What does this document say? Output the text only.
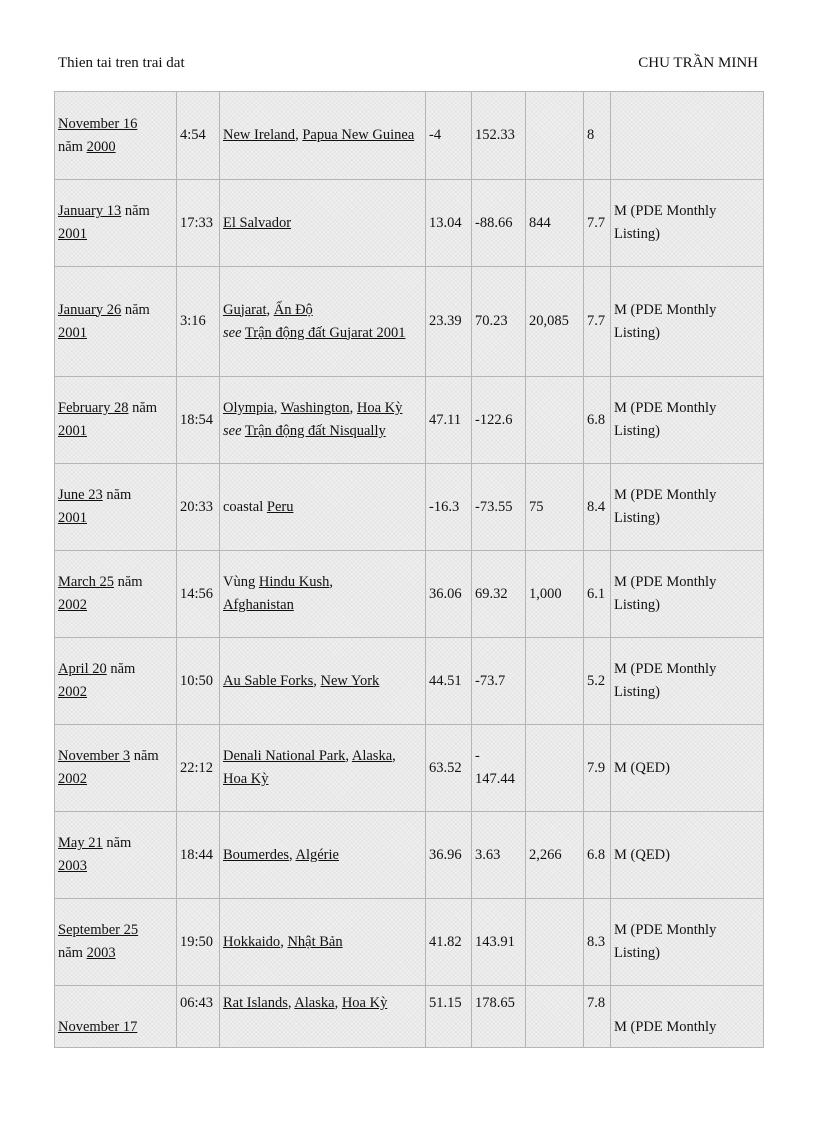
Thien tai tren trai dat	CHU TRẦN MINH
November 16
năm 2000	4:54	New Ireland, Papua New Guinea	-4	152.33		8	
January 13 năm
2001	17:33	El Salvador	13.04	-88.66	844	7.7	M (PDE Monthly Listing)
January 26 năm
2001	3:16	Gujarat, Ấn Độ
see Trận động đất Gujarat 2001	23.39	70.23	20,085	7.7	M (PDE Monthly Listing)
February 28 năm
2001	18:54	Olympia, Washington, Hoa Kỳ
see Trận động đất Nisqually	47.11	-122.6		6.8	M (PDE Monthly Listing)
June 23 năm
2001	20:33	coastal Peru	-16.3	-73.55	75	8.4	M (PDE Monthly Listing)
March 25 năm
2002	14:56	Vùng Hindu Kush,
Afghanistan	36.06	69.32	1,000	6.1	M (PDE Monthly Listing)
April 20 năm
2002	10:50	Au Sable Forks, New York	44.51	-73.7		5.2	M (PDE Monthly Listing)
November 3 năm
2002	22:12	Denali National Park, Alaska,
Hoa Kỳ	63.52	-
147.44		7.9	M (QED)
May 21 năm
2003	18:44	Boumerdes, Algérie	36.96	3.63	2,266	6.8	M (QED)
September 25
năm 2003	19:50	Hokkaido, Nhật Bản	41.82	143.91		8.3	M (PDE Monthly Listing)
November 17	06:43	Rat Islands, Alaska, Hoa Kỳ	51.15	178.65		7.8	M (PDE Monthly
